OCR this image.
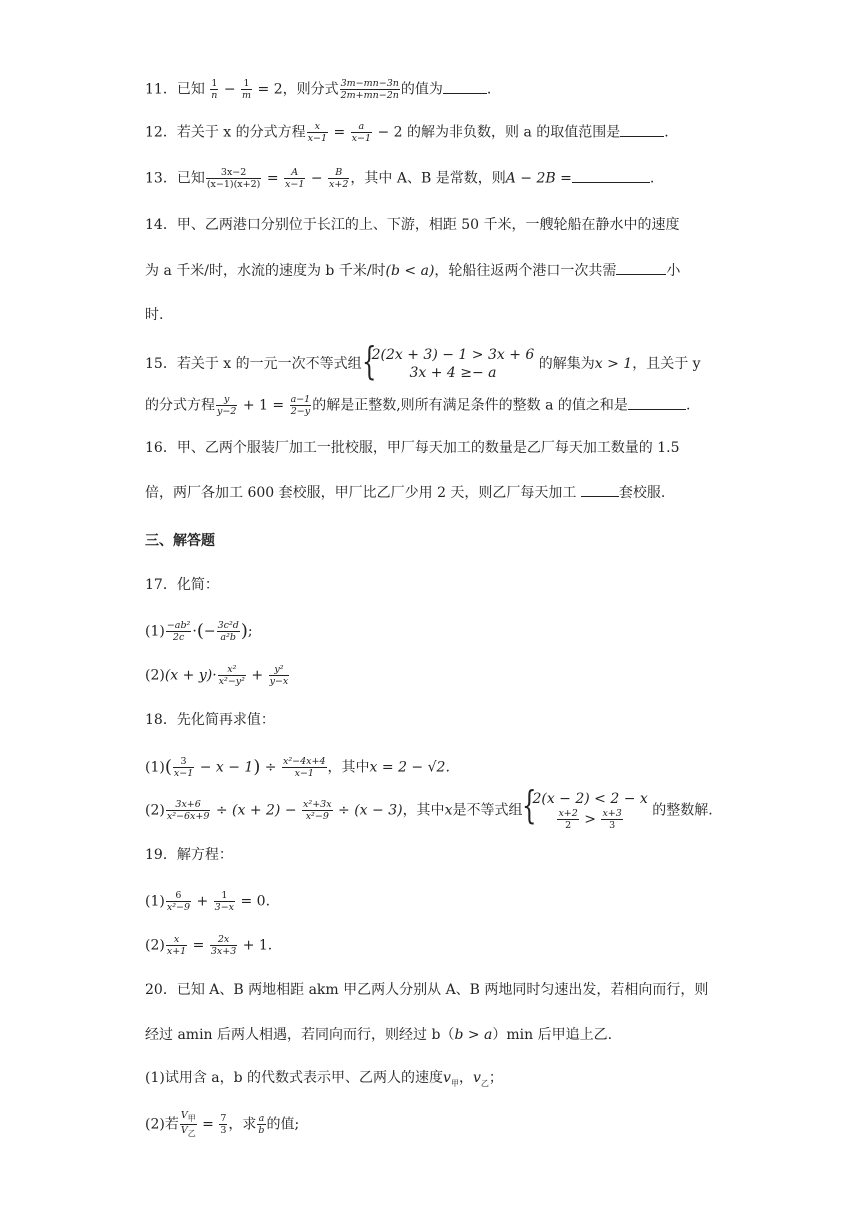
11．已知 $\frac{1}{n} - \frac{1}{m} = 2$，则分式 $\frac{3m-mn-3n}{2m+mn-2n}$ 的值为	.
12．若关于 x 的分式方程 $\frac{x}{x-1} = \frac{a}{x-1} - 2$ 的解为非负数，则 a 的取值范围是	.
13．已知 $\frac{3x-2}{(x-1)(x+2)} = \frac{A}{x-1} - \frac{B}{x+2}$ ，其中 A、B 是常数，则A − 2B =	.
14．甲、乙两港口分别位于长江的上、下游，相距 50 千米，一艘轮船在静水中的速度
为 a 千米/时，水流的速度为 b 千米/时(b < a)，轮船往返两个港口一次共需	小
时.
15．若关于 x 的一元一次不等式组 {
2(2x + 3) − 1 > 3x + 6
3x + 4 ≥− a
的解集为x > 1，且关于 y
的分式方程 $\frac{y}{y-2} + 1 = \frac{a-1}{2-y}$ 的解是正整数,则所有满足条件的整数 a 的值之和是	.
16．甲、乙两个服装厂加工一批校服，甲厂每天加工的数量是乙厂每天加工数量的 1.5
倍，两厂各加工 600 套校服，甲厂比乙厂少用 2 天，则乙厂每天加工	套校服.
三、解答题
17．化简：
$(1) \frac{\text{−ab²}}{2c}$ ·(− $\frac{\text{3c²d}}{\text{a²b}}$ );
$(2)(x + y)\cdot \frac{\text{x²}}{\text{x²−y²}} + \frac{\text{y²}}{y-x}$
18．先化简再求值：
$(1)( \frac{3}{x-1} - x - 1) \div \frac{\text{x²−4x+4}}{x-1}$ ，其中x = 2 − √2.
$(2) \frac{3x+6}{\text{x²−6x+9}} \div (x + 2) - \frac{\text{x²+3x}}{\text{x²−9}} \div (x - 3)$，其中x是不等式组 {
2(x − 2) < 2 − x
$\frac{x+2}{2} > \frac{x+3}{3}$ 的整数解.
19．解方程：
$(1) \frac{6}{\text{x²−9}} + \frac{1}{3-x} = 0$.
$(2) \frac{x}{x+1} = \frac{2x}{3x+3} + 1$.
20．已知 A、B 两地相距 akm 甲乙两人分别从 A、B 两地同时匀速出发，若相向而行，则
经过 amin 后两人相遇，若同向而行，则经过 b（b > a）min 后甲追上乙.
(1)试用含 a，b 的代数式表示甲、乙两人的速度$v_甲$，$v_乙$；
(2)若 $\frac{V_甲}{V_乙} = \frac{7}{3}$ ，求 $\frac{a}{b}$ 的值;
